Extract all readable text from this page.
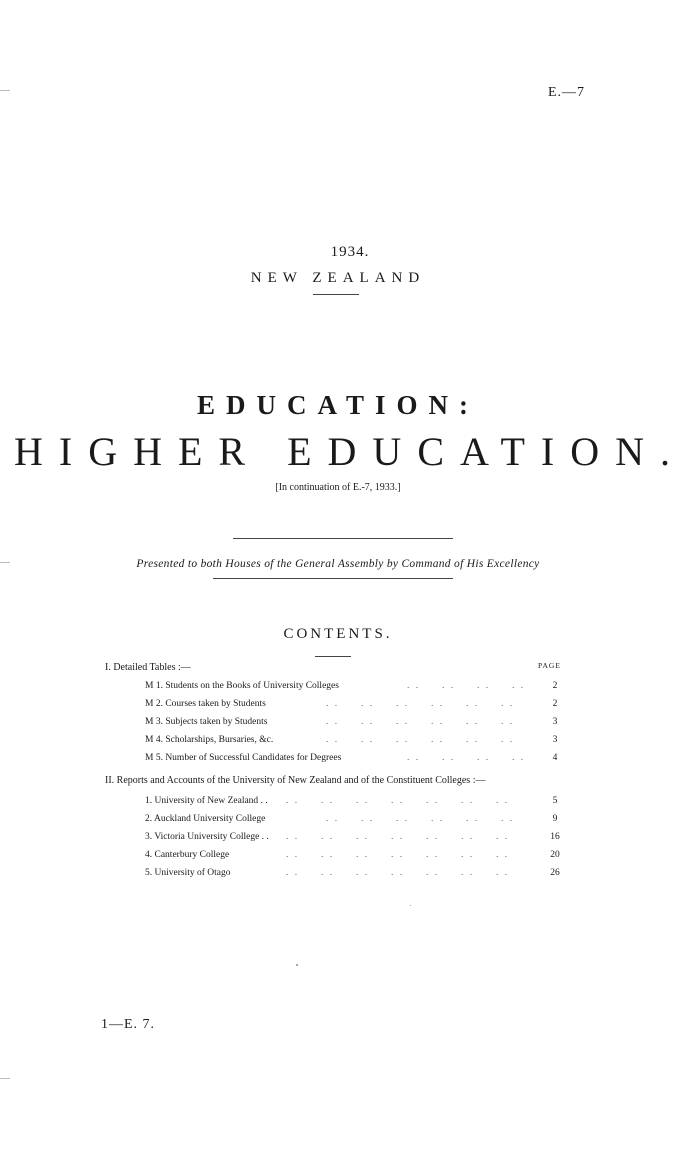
E.—7
1934.
NEW ZEALAND
EDUCATION:
HIGHER EDUCATION.
[In continuation of E.-7, 1933.]
Presented to both Houses of the General Assembly by Command of His Excellency
CONTENTS.
PAGE
I. Detailed Tables :—
M 1. Students on the Books of University Colleges	. .     . .     . .     . .	2
M 2. Courses taken by Students	. .     . .     . .     . .     . .     . .	2
M 3. Subjects taken by Students	. .     . .     . .     . .     . .     . .	3
M 4. Scholarships, Bursaries, &c.	. .     . .     . .     . .     . .     . .	3
M 5. Number of Successful Candidates for Degrees	. .     . .     . .     . .	4
II. Reports and Accounts of the University of New Zealand and of the Constituent Colleges :—
1. University of New Zealand . . . .     . .     . .     . .     . .     . .     . .	5
2. Auckland University College	. .     . .     . .     . .     . .     . .	9
3. Victoria University College . . . .     . .     . .     . .     . .     . .     . .	16
4. Canterbury College	. .     . .     . .     . .     . .     . .     . .	20
5. University of Otago	. .     . .     . .     . .     . .     . .     . .	26
1—E. 7.
